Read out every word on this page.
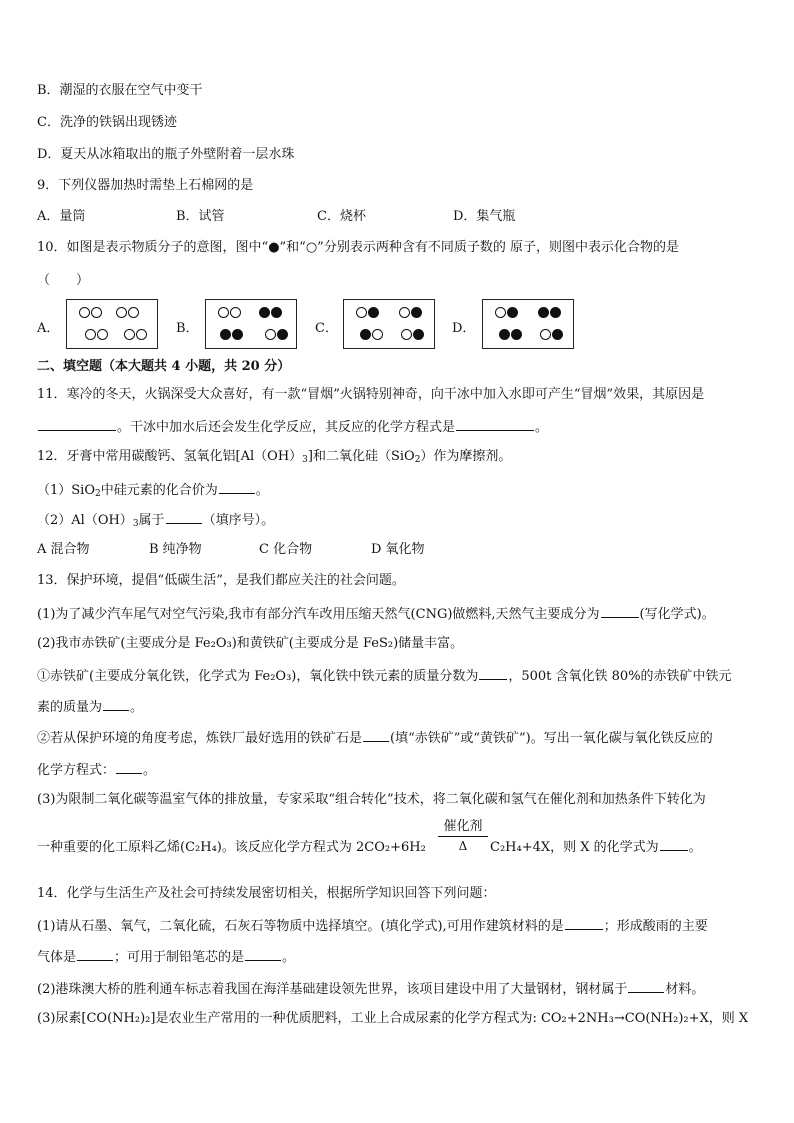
B．潮湿的衣服在空气中变干
C．洗净的铁锅出现锈迹
D．夏天从冰箱取出的瓶子外壁附着一层水珠
9．下列仪器加热时需垫上石棉网的是
A．量筒	B．试管	C．烧杯	D．集气瓶
10．如图是表示物质分子的意图，图中“●”和“○”分别表示两种含有不同质子数的 原子，则图中表示化合物的是
（　　）
A．	B．	C．	D．
二、填空题（本大题共 4 小题，共 20 分）
11．寒冷的冬天，火锅深受大众喜好，有一款“冒烟”火锅特别神奇，向干冰中加入水即可产生“冒烟”效果，其原因是
。干冰中加水后还会发生化学反应，其反应的化学方程式是	。
12．牙膏中常用碳酸钙、氢氧化铝$[Al(OH)_3]$和二氧化硅（SiO$_2$）作为摩擦剂。
（1）SiO$_2$中硅元素的化合价为	。
$(2)Al(OH)_3$属于	（填序号）。
A 混合物	B 纯净物	C 化合物	D 氧化物
13．保护环境，提倡“低碳生活”，是我们都应关注的社会问题。
(1)为了减少汽车尾气对空气污染,我市有部分汽车改用压缩天然气(CNG)做燃料,天然气主要成分为	(写化学式)。
(2)我市赤铁矿(主要成分是 Fe₂O₃)和黄铁矿(主要成分是 FeS₂)储量丰富。
①赤铁矿(主要成分氧化铁，化学式为 Fe₂O₃)，氧化铁中铁元素的质量分数为 ，500t 含氧化铁 80%的赤铁矿中铁元
素的质量为 。
②若从保护环境的角度考虑，炼铁厂最好选用的铁矿石是 (填“赤铁矿”或“黄铁矿”)。写出一氧化碳与氧化铁反应的
化学方程式： 。
(3)为限制二氧化碳等温室气体的排放量，专家采取“组合转化”技术，将二氧化碳和氢气在催化剂和加热条件下转化为
催化剂
Δ
一种重要的化工原料乙烯(C₂H₄)。该反应化学方程式为 2CO₂+6H₂	C₂H₄+4X，则 X 的化学式为 。
14．化学与生活生产及社会可持续发展密切相关，根据所学知识回答下列问题：
(1)请从石墨、氧气，二氧化硫，石灰石等物质中选择填空。(填化学式),可用作建筑材料的是	；形成酸雨的主要
气体是	；可用于制铅笔芯的是	。
(2)港珠澳大桥的胜利通车标志着我国在海洋基础建设领先世界，该项目建设中用了大量钢材，钢材属于	材料。
(3)尿素[CO(NH₂)₂]是农业生产常用的一种优质肥料，工业上合成尿素的化学方程式为: CO₂+2NH₃→CO(NH₂)₂+X，则 X
